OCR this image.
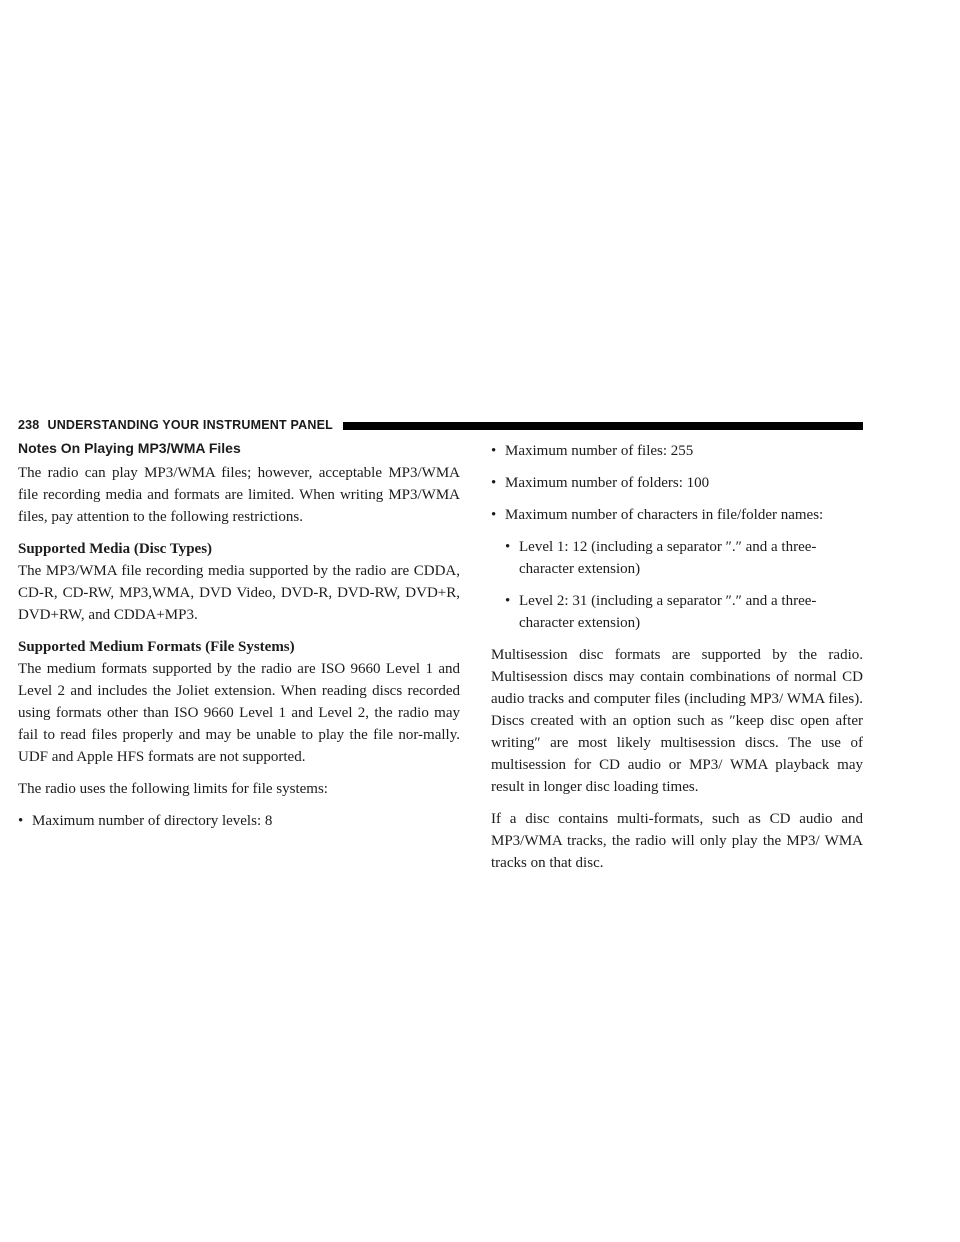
238 UNDERSTANDING YOUR INSTRUMENT PANEL
Notes On Playing MP3/WMA Files

The radio can play MP3/WMA files; however, acceptable MP3/WMA file recording media and formats are limited. When writing MP3/WMA files, pay attention to the following restrictions.

Supported Media (Disc Types)

The MP3/WMA file recording media supported by the radio are CDDA, CD-R, CD-RW, MP3,WMA, DVD Video, DVD-R, DVD-RW, DVD+R, DVD+RW, and CDDA+MP3.

Supported Medium Formats (File Systems)

The medium formats supported by the radio are ISO 9660 Level 1 and Level 2 and includes the Joliet extension. When reading discs recorded using formats other than ISO 9660 Level 1 and Level 2, the radio may fail to read files properly and may be unable to play the file nor-mally. UDF and Apple HFS formats are not supported.

The radio uses the following limits for file systems:

• Maximum number of directory levels: 8
• Maximum number of files: 255
• Maximum number of folders: 100
• Maximum number of characters in file/folder names:
• Level 1: 12 (including a separator ″.″ and a three-character extension)
• Level 2: 31 (including a separator ″.″ and a three-character extension)

Multisession disc formats are supported by the radio. Multisession discs may contain combinations of normal CD audio tracks and computer files (including MP3/ WMA files). Discs created with an option such as ″keep disc open after writing″ are most likely multisession discs. The use of multisession for CD audio or MP3/ WMA playback may result in longer disc loading times.

If a disc contains multi-formats, such as CD audio and MP3/WMA tracks, the radio will only play the MP3/ WMA tracks on that disc.
